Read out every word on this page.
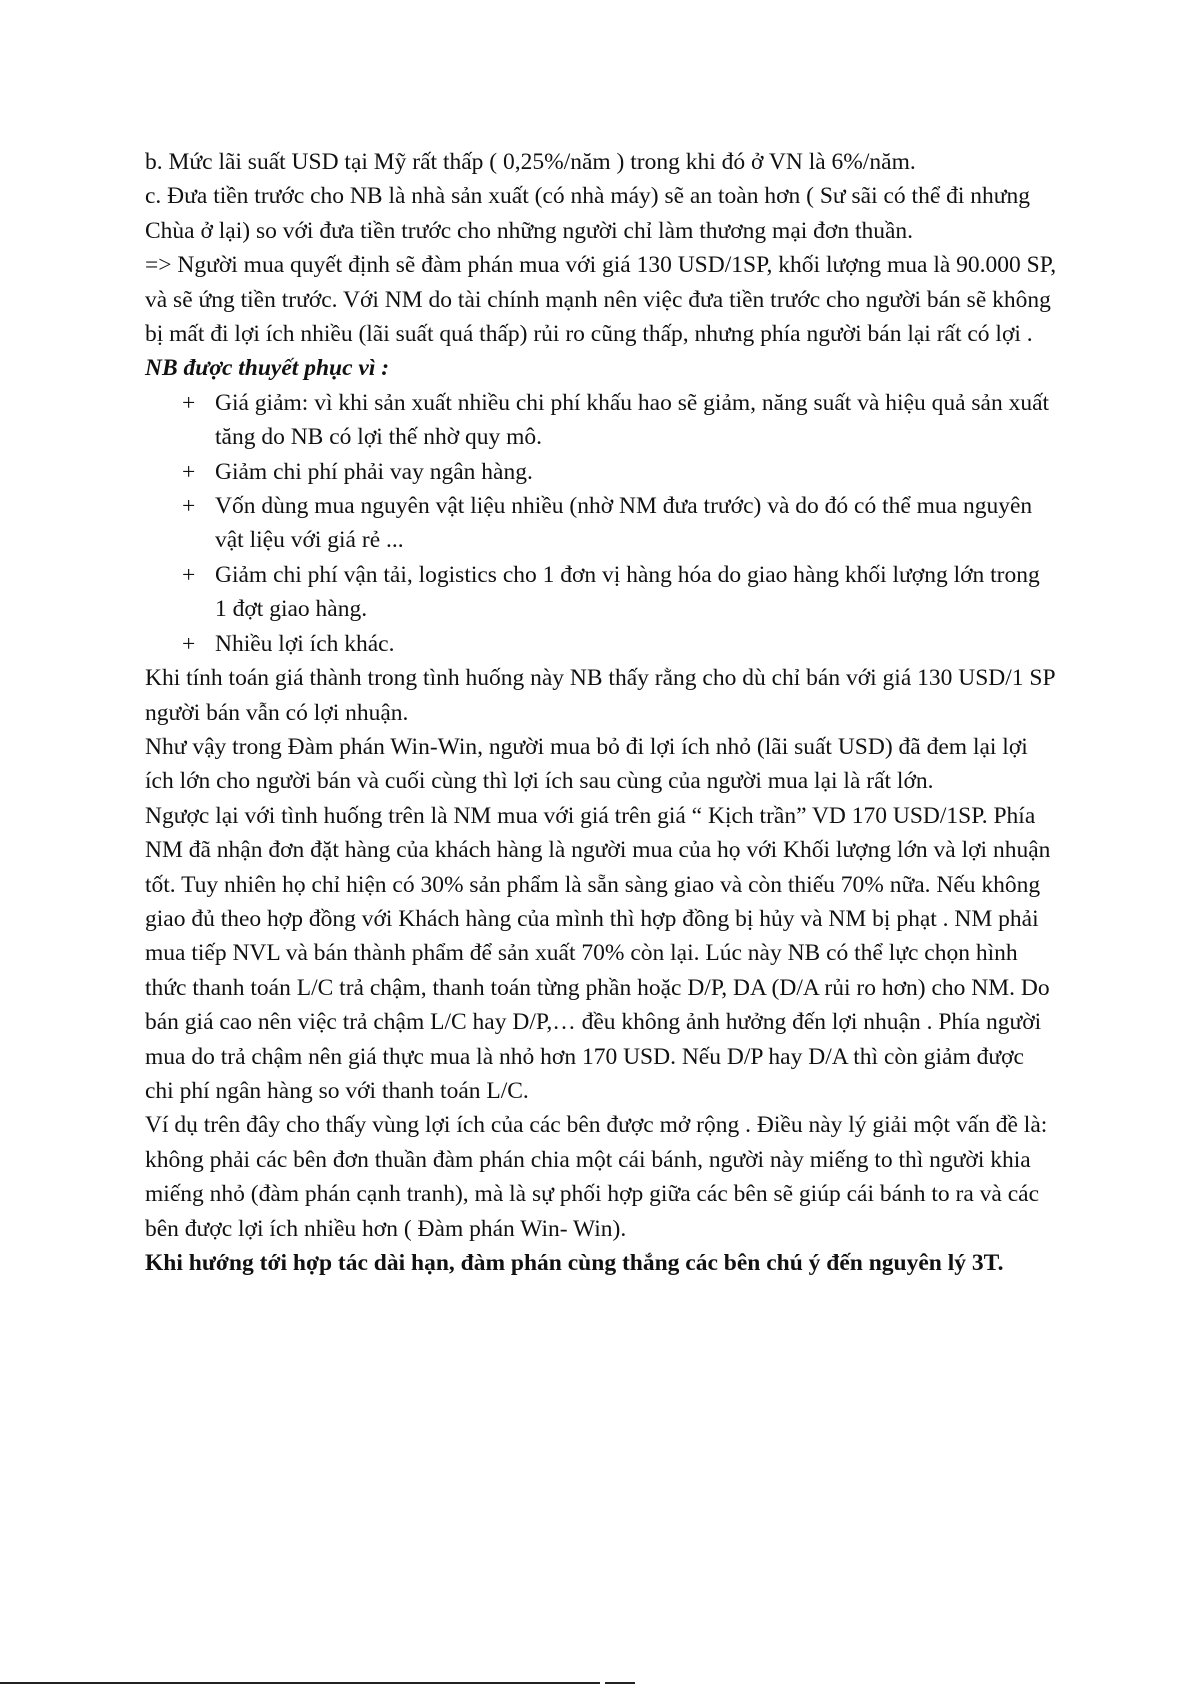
b. Mức lãi suất USD tại Mỹ rất thấp ( 0,25%/năm ) trong khi đó ở VN là 6%/năm.

c. Đưa tiền trước cho NB là nhà sản xuất (có nhà máy) sẽ an toàn hơn ( Sư sãi có thể đi nhưng Chùa ở lại) so với đưa tiền trước cho những người chỉ làm thương mại đơn thuần.

=> Người mua quyết định sẽ đàm phán mua với giá 130 USD/1SP, khối lượng mua là 90.000 SP, và sẽ ứng tiền trước. Với NM do tài chính mạnh nên việc đưa tiền trước cho người bán sẽ không bị mất đi lợi ích nhiều (lãi suất quá thấp) rủi ro cũng thấp, nhưng phía người bán lại rất có lợi .

NB được thuyết phục vì :

+ Giá giảm: vì khi sản xuất nhiều chi phí khấu hao sẽ giảm, năng suất và hiệu quả sản xuất tăng do NB có lợi thế nhờ quy mô.
+ Giảm chi phí phải vay ngân hàng.
+ Vốn dùng mua nguyên vật liệu nhiều (nhờ NM đưa trước) và do đó có thể mua nguyên vật liệu với giá rẻ ...
+ Giảm chi phí vận tải, logistics cho 1 đơn vị hàng hóa do giao hàng khối lượng lớn trong 1 đợt giao hàng.
+ Nhiều lợi ích khác.

Khi tính toán giá thành trong tình huống này NB thấy rằng cho dù chỉ bán với giá 130 USD/1 SP người bán vẫn có lợi nhuận.

Như vậy trong Đàm phán Win-Win, người mua bỏ đi lợi ích nhỏ (lãi suất USD) đã đem lại lợi ích lớn cho người bán và cuối cùng thì lợi ích sau cùng của người mua lại là rất lớn.

Ngược lại với tình huống trên là NM mua với giá trên giá “ Kịch trần” VD 170 USD/1SP. Phía NM đã nhận đơn đặt hàng của khách hàng là người mua của họ với Khối lượng lớn và lợi nhuận tốt. Tuy nhiên họ chỉ hiện có 30% sản phẩm là sẵn sàng giao và còn thiếu 70% nữa. Nếu không giao đủ theo hợp đồng với Khách hàng của mình thì hợp đồng bị hủy và NM bị phạt . NM phải mua tiếp NVL và bán thành phẩm để sản xuất 70% còn lại. Lúc này NB có thể lực chọn hình thức thanh toán L/C trả chậm, thanh toán từng phần hoặc D/P, DA (D/A rủi ro hơn) cho NM. Do bán giá cao nên việc trả chậm L/C hay D/P,… đều không ảnh hưởng đến lợi nhuận . Phía người mua do trả chậm nên giá thực mua là nhỏ hơn 170 USD. Nếu D/P hay D/A thì còn giảm được chi phí ngân hàng so với thanh toán L/C.

Ví dụ trên đây cho thấy vùng lợi ích của các bên được mở rộng . Điều này lý giải một vấn đề là: không phải các bên đơn thuần đàm phán chia một cái bánh, người này miếng to thì người khia miếng nhỏ (đàm phán cạnh tranh), mà là sự phối hợp giữa các bên sẽ giúp cái bánh to ra và các bên được lợi ích nhiều hơn ( Đàm phán Win- Win).

Khi hướng tới hợp tác dài hạn, đàm phán cùng thắng các bên chú ý đến nguyên lý 3T.
